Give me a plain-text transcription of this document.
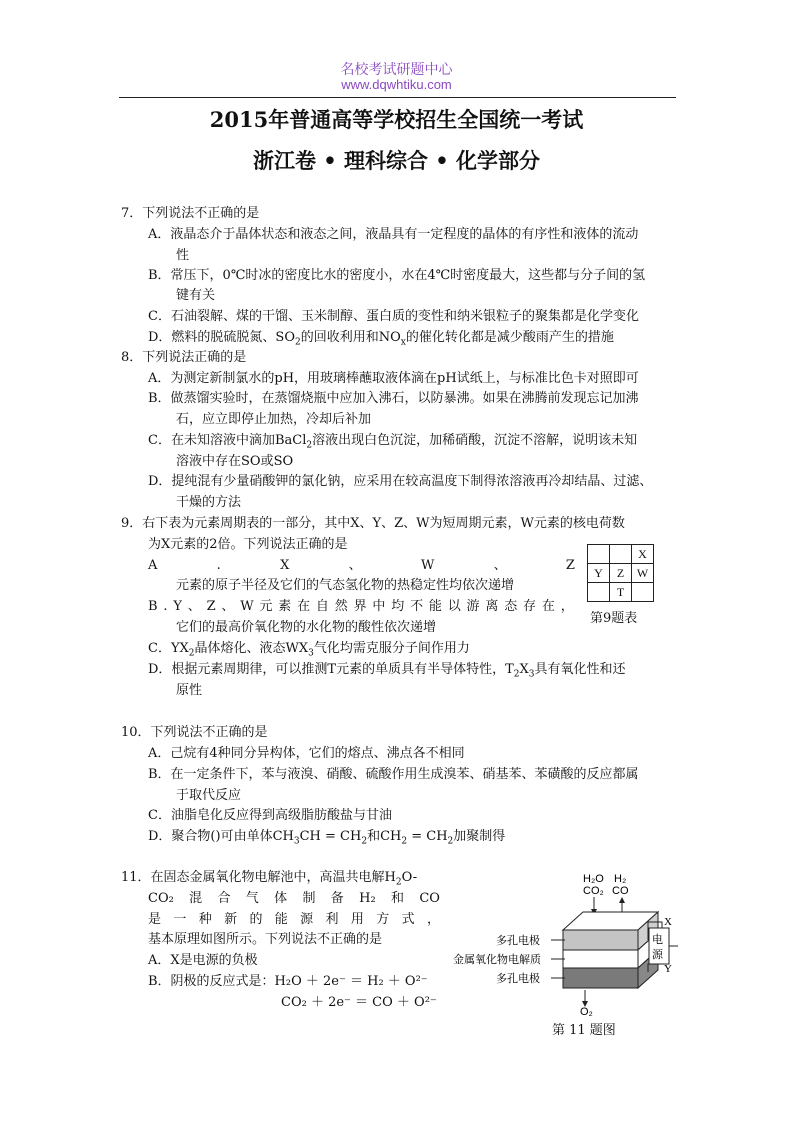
名校考试研题中心
www.dqwhtiku.com
2015年普通高等学校招生全国统一考试
浙江卷 • 理科综合 • 化学部分
7．下列说法不正确的是
A．液晶态介于晶体状态和液态之间，液晶具有一定程度的晶体的有序性和液体的流动
性
B．常压下，0℃时冰的密度比水的密度小，水在4℃时密度最大，这些都与分子间的氢
键有关
C．石油裂解、煤的干馏、玉米制醇、蛋白质的变性和纳米银粒子的聚集都是化学变化
D．燃料的脱硫脱氮、$SO_2$的回收利用和$NO_x$的催化转化都是减少酸雨产生的措施
8．下列说法正确的是
A．为测定新制氯水的pH，用玻璃棒蘸取液体滴在pH试纸上，与标准比色卡对照即可
B．做蒸馏实验时，在蒸馏烧瓶中应加入沸石，以防暴沸。如果在沸腾前发现忘记加沸
石，应立即停止加热，冷却后补加
C．在未知溶液中滴加BaCl$_2$溶液出现白色沉淀，加稀硝酸，沉淀不溶解，说明该未知
溶液中存在SO或SO
D．提纯混有少量硝酸钾的氯化钠，应采用在较高温度下制得浓溶液再冷却结晶、过滤、
干燥的方法
9．右下表为元素周期表的一部分，其中X、Y、Z、W为短周期元素，W元素的核电荷数
为X元素的2倍。下列说法正确的是
A	.	X	、	W	、	Z
元素的原子半径及它们的气态氢化物的热稳定性均依次递增
B . Y 、 Z 、 W 元 素 在 自 然 界 中 均 不 能 以 游 离 态 存 在 ，
它们的最高价氧化物的水化物的酸性依次递增
C．$YX_2$晶体熔化、液态$WX_3$气化均需克服分子间作用力
D．根据元素周期律，可以推测T元素的单质具有半导体特性，$T_2X_3$具有氧化性和还
原性
		X
Y	Z	W
	T	
第9题表
10．下列说法不正确的是
A．己烷有4种同分异构体，它们的熔点、沸点各不相同
B．在一定条件下，苯与液溴、硝酸、硫酸作用生成溴苯、硝基苯、苯磺酸的反应都属
于取代反应
C．油脂皂化反应得到高级脂肪酸盐与甘油
D．聚合物()可由单体$CH_3CH = CH_2$和$CH_2 = CH_2$加聚制得
11．在固态金属氧化物电解池中，高温共电解$H_2O-$
CO₂ 混 合 气 体 制 备 H₂ 和 CO
是 一 种 新 的 能 源 利 用 方 式 ，
基本原理如图所示。下列说法不正确的是
A．X是电源的负极
B．阴极的反应式是：H₂O ＋ 2e⁻ ＝ H₂ ＋ O²⁻
CO₂ ＋ 2e⁻ ＝ CO ＋ O²⁻
H₂O
CO₂
H₂
CO
多孔电极
金属氧化物电解质
多孔电极
电
源
X
Y
O₂
第 11 题图
